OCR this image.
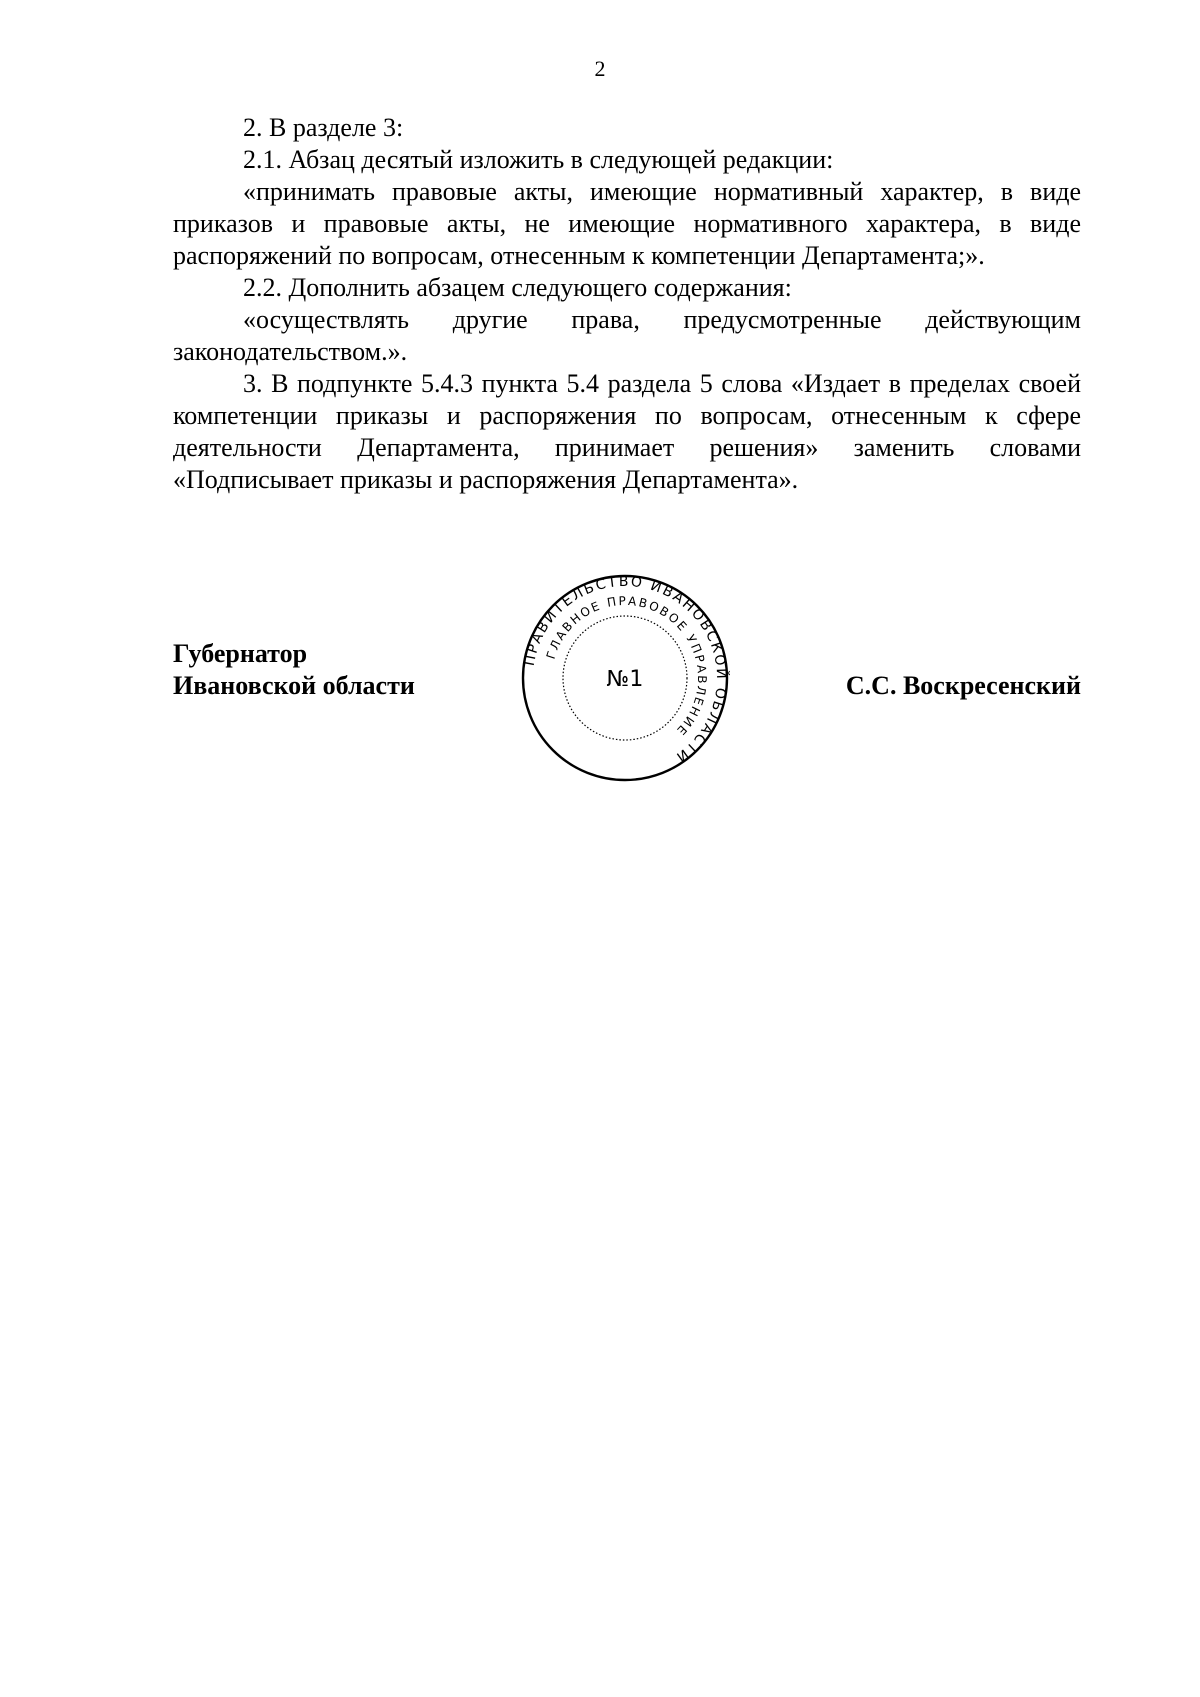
2

2. В разделе 3:

2.1. Абзац десятый изложить в следующей редакции:

«принимать правовые акты, имеющие нормативный характер, в виде приказов и правовые акты, не имеющие нормативного характера, в виде распоряжений по вопросам, отнесенным к компетенции Департамента;».

2.2. Дополнить абзацем следующего содержания:

«осуществлять другие права, предусмотренные действующим законодательством.».

3. В подпункте 5.4.3 пункта 5.4 раздела 5 слова «Издает в пределах своей компетенции приказы и распоряжения по вопросам, отнесенным к сфере деятельности Департамента, принимает решения» заменить словами «Подписывает приказы и распоряжения Департамента».

Губернатор
Ивановской области	С.С. Воскресенский
ПРАВИТЕЛЬСТВО ИВАНОВСКОЙ ОБЛАСТИ
ГЛАВНОЕ ПРАВОВОЕ УПРАВЛЕНИЕ
№1
